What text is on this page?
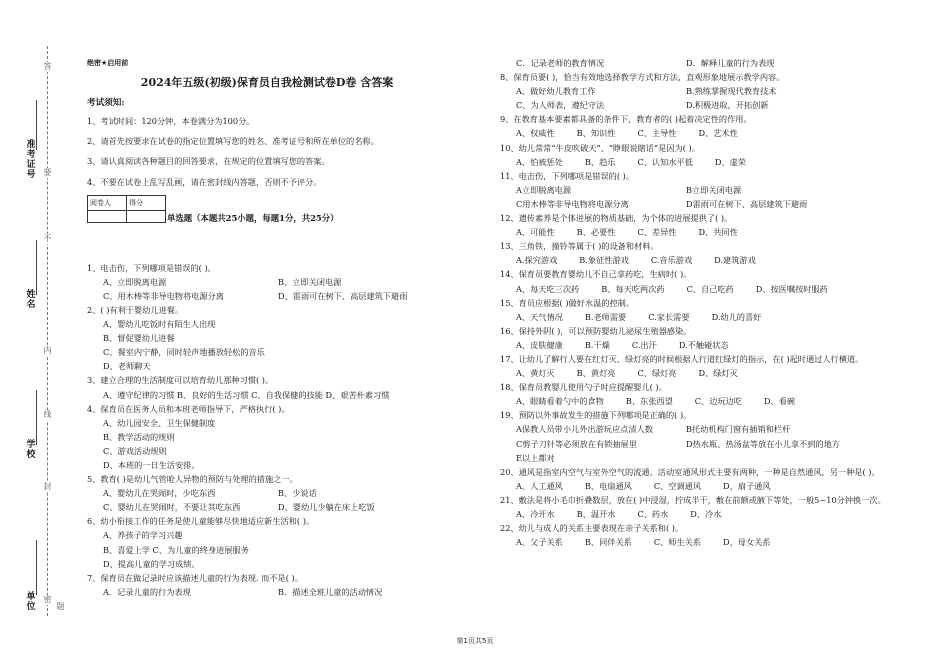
准考证号
姓名
学校
单位
密
封
线
内
不
要
答
题
绝密★启用前
2024年五级(初级)保育员自我检测试卷D卷 含答案
考试须知:
1、考试时间：120分钟，本卷满分为100分。
2、请首先按要求在试卷的指定位置填写您的姓名、准考证号和所在单位的名称。
3、请认真阅读各种题目的回答要求，在规定的位置填写您的答案。
4、不要在试卷上乱写乱画，请在密封线内答题，否则不予评分。
阅卷人	得分

单选题（本题共25小题，每题1分，共25分）
1、电击伤，下列哪项是错误的( )。
A、立即脱离电源	B、立即关闭电源
C、用木棒等非导电物将电源分离	D、雷雨可在树下、高层建筑下避雨
2、( )有利于婴幼儿进餐。
A、婴幼儿吃饭时有陌生人出现
B、督促婴幼儿进餐
C、餐室内宁静，同时轻声地播放轻松的音乐
D、老师聊天
3、建立合理的生活制度可以培育幼儿那种习惯( )。
A、遵守纪律的习惯 B、良好的生活习惯 C、自我保健的技能 D、艰苦朴素习惯
4、保育员在医务人员和本班老师指导下，严格执行( )。
A、幼儿园安全、卫生保健制度
B、教学活动的规则
C、游戏活动规则
D、本班的一日生活安排。
5、教育( )是幼儿气管呛人异物的预防与处理的措施之一。
A、婴幼儿在哭闹时，少吃东西	B、少说话
C、婴幼儿在哭闹时，不要让其吃东西	D、婴幼儿少躺在床上吃饭
6、幼小衔接工作的任务是使儿童能够尽快地适应新生活和( )。
A、养孩子的学习兴趣
B、喜爱上学 C、为儿童的终身进展服务
D、提高儿童的学习成绩。
7、保育员在做记录时应该描述儿童的行为表现. 而不是( )。
A．记录儿童的行为表现	B．描述全班儿童的活动情况
C．记录老师的教育情况	D．解释儿童的行为表现
8、保育员要( )，恰当有效地选择教学方式和方法，直观形象地展示教学内容。
A、做好幼儿教育工作	B.熟练掌握现代教育技术
C、为人师表，遵纪守法	D.积极进取，开拓创新
9、在教育基本要素都具备的条件下，教育者的( )起着决定性的作用。
A、权威性	B、知识性	C、主导性	D、艺术性
10、幼儿常常“牛皮吹破天”、“睁眼说瞎话”是因为( )。
A、怕被惩处	B、趋乐	C、认知水平低	D、虚荣
11、电击伤，下列哪项是错误的( )。
A立即脱离电源	B立即关闭电源
C用木棒等非导电物将电源分离	D雷雨可在树下、高层建筑下避雨
12、遗传素养是个体进展的物质基础，为个体的进展提供了( )。
A、可能性	B、必要性	C、差异性	D、共同性
13、三角铁，撞铃等属于( )的设备和材料。
A.探究游戏	B.象征性游戏	C.音乐游戏	D.建筑游戏
14、保育员要教育婴幼儿不自己拿药吃，生病时( )。
A、每天吃三次药	B、每天吃两次药	C、自己吃药	D、按医嘱按时服药
15、育员应根据( )做好水温的控制。
A、天气情况	B.老师需要	C.家长需要	D.幼儿的喜好
16、保持外阴( )，可以预防婴幼儿泌尿生殖器感染。
A、皮肤健康	B.干燥	C.出汗	D.不触碰状态
17、让幼儿了解行人要在红灯灭、绿灯亮的时候根据人行道红绿灯的指示，在( )起时通过人行横道。
A、黄灯灭	B、黄灯亮	C、绿灯亮	D、绿灯灭
18、保育员教婴儿使用勺子时应提醒婴儿( )。
A、眼睛看着勺中的食物	B、东张西望	C、边玩边吃	D、看碗
19、预防以外事故发生的措施下列哪项是正确的( )。
A保教人员带小儿外出游玩应点清人数	B托幼机构门窗有插销和栏杆
C剪子刀针等必须放在有锁抽屉里	D热水瓶、热汤盆等放在小儿拿不到的地方
E以上都对
20、通风是指室内空气与室外空气的流通。活动室通风形式主要有两种，一种是自然通风，另一种是( )。
A、人工通风	B、电扇通风	C、空调通风	D、扇子通风
21、敷法是将小毛巾折叠数层，放在( )中浸湿，拧成半干，敷在前额或腋下等处，一般5~10分钟换一次。
A、冷开水	B、温开水	C、药水	D、冷水
22、幼儿与成人的关系主要表现在亲子关系和( )。
A、父子关系	B、同伴关系	C、师生关系	D、母女关系
第1页共5页
